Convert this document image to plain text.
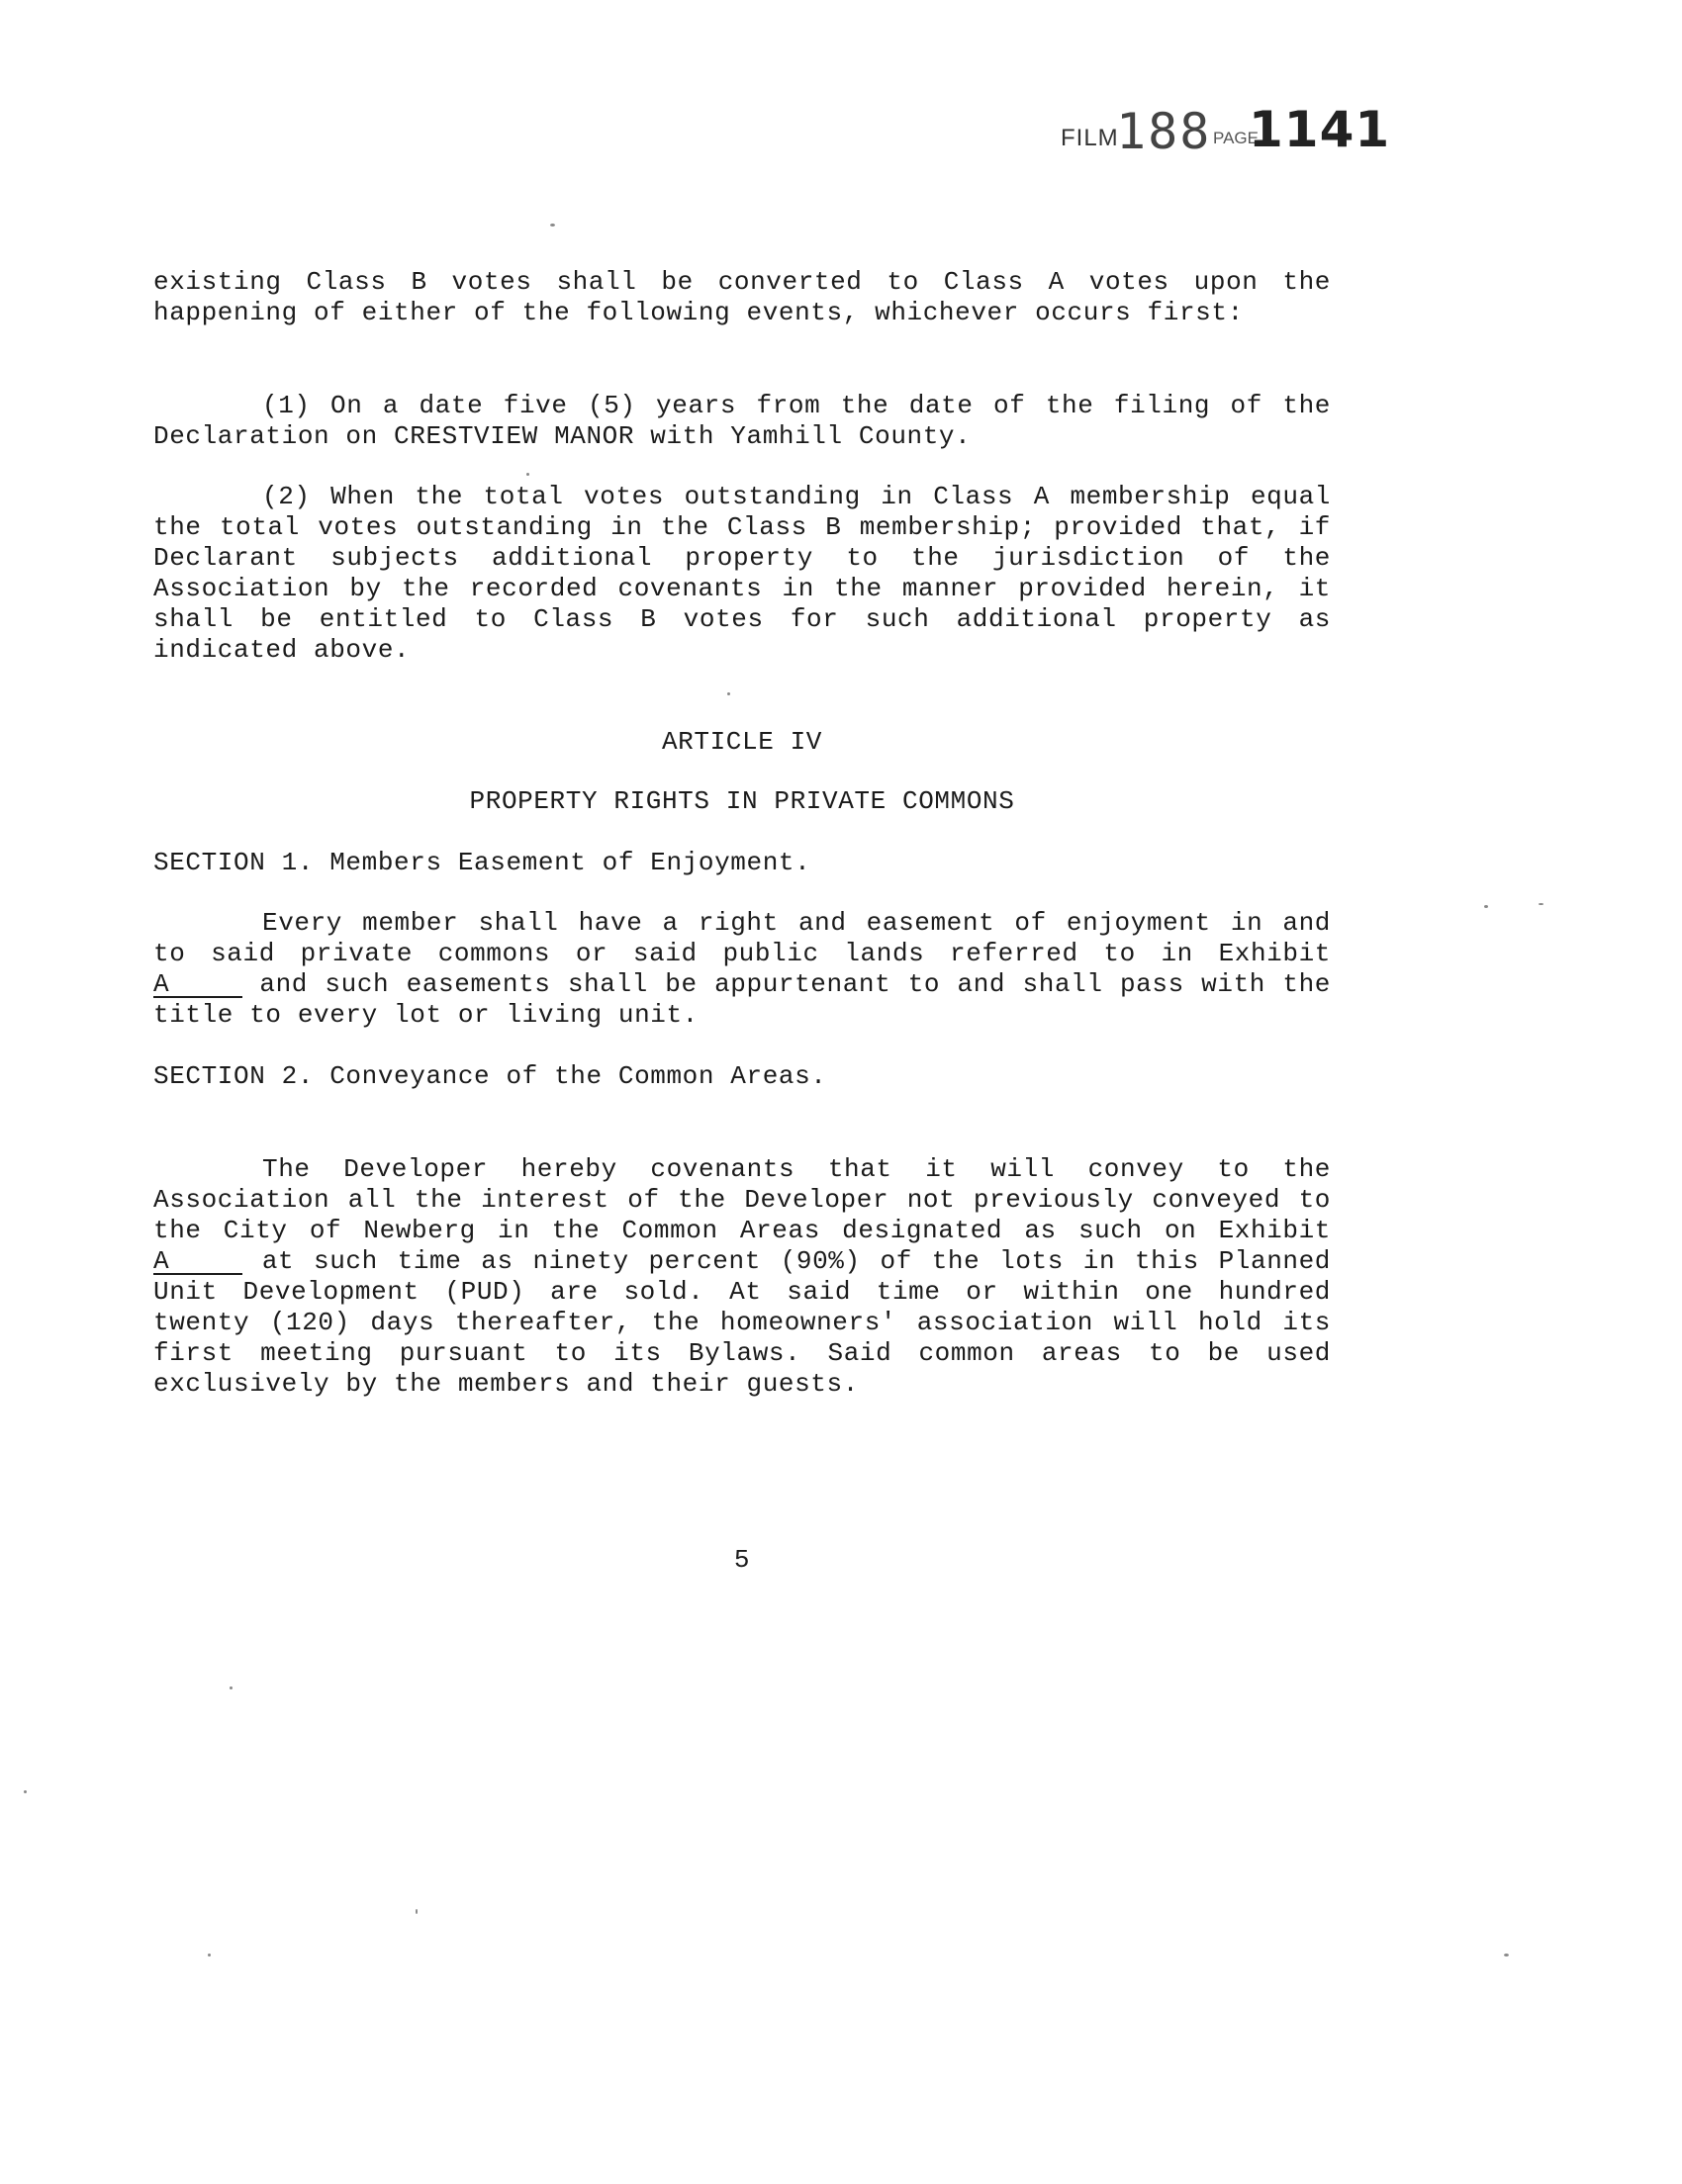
FILM
188 PAGE
1141

existing Class B votes shall be converted to Class A votes upon the happening of either of the following events, whichever occurs first:

(1) On a date five (5) years from the date of the filing of the Declaration on CRESTVIEW MANOR with Yamhill County.

(2) When the total votes outstanding in Class A membership equal the total votes outstanding in the Class B membership; provided that, if Declarant subjects additional property to the jurisdiction of the Association by the recorded covenants in the manner provided herein, it shall be entitled to Class B votes for such additional property as indicated above.

ARTICLE IV

PROPERTY RIGHTS IN PRIVATE COMMONS

SECTION 1. Members Easement of Enjoyment.

Every member shall have a right and easement of enjoyment in and to said private commons or said public lands referred to in Exhibit A	and such easements shall be appurtenant to and shall pass with the title to every lot or living unit.

SECTION 2. Conveyance of the Common Areas.

The Developer hereby covenants that it will convey to the Association all the interest of the Developer not previously conveyed to the City of Newberg in the Common Areas designated as such on Exhibit A	at such time as ninety percent (90%) of the lots in this Planned Unit Development (PUD) are sold. At said time or within one hundred twenty (120) days thereafter, the homeowners' association will hold its first meeting pursuant to its Bylaws. Said common areas to be used exclusively by the members and their guests.

5
